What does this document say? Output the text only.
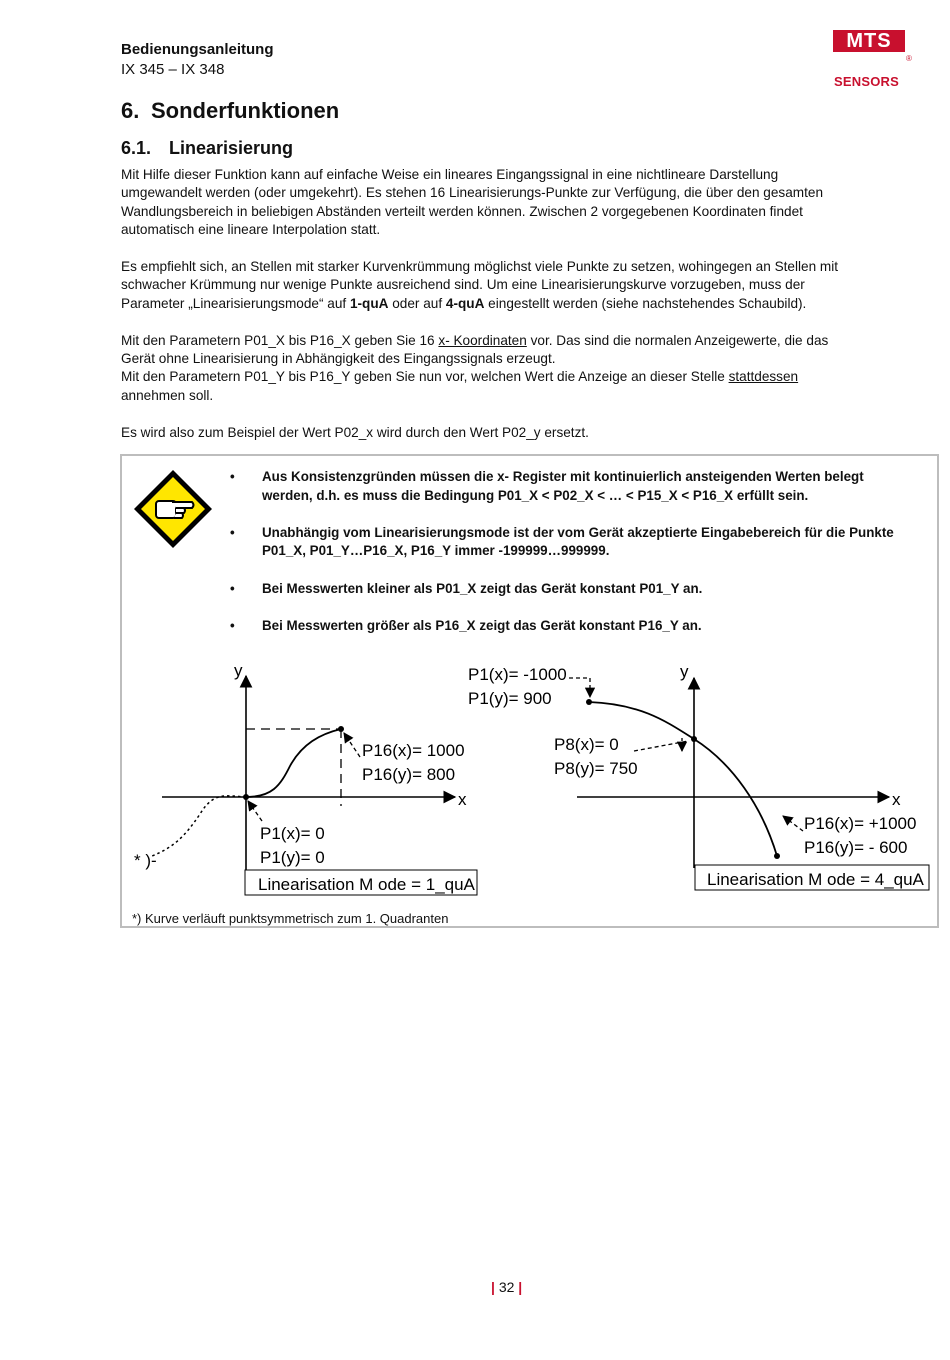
Bedienungsanleitung
IX 345 – IX 348
MTS
®
SENSORS
6. Sonderfunktionen
6.1. Linearisierung

Mit Hilfe dieser Funktion kann auf einfache Weise ein lineares Eingangssignal in eine nichtlineare Darstellung umgewandelt werden (oder umgekehrt). Es stehen 16 Linearisierungs-Punkte zur Verfügung, die über den gesamten Wandlungsbereich in beliebigen Abständen verteilt werden können. Zwischen 2 vorgegebenen Koordinaten findet automatisch eine lineare Interpolation statt.

Es empfiehlt sich, an Stellen mit starker Kurvenkrümmung möglichst viele Punkte zu setzen, wohingegen an Stellen mit schwacher Krümmung nur wenige Punkte ausreichend sind. Um eine Linearisierungskurve vorzugeben, muss der Parameter „Linearisierungsmode“ auf 1-quA oder auf 4-quA eingestellt werden (siehe nachstehendes Schaubild).

Mit den Parametern P01_X bis P16_X geben Sie 16 x- Koordinaten vor. Das sind die normalen Anzeigewerte, die das Gerät ohne Linearisierung in Abhängigkeit des Eingangssignals erzeugt.

Mit den Parametern P01_Y bis P16_Y geben Sie nun vor, welchen Wert die Anzeige an dieser Stelle stattdessen annehmen soll.

Es wird also zum Beispiel der Wert P02_x wird durch den Wert P02_y ersetzt.

• Aus Konsistenzgründen müssen die x- Register mit kontinuierlich ansteigenden Werten belegt werden, d.h. es muss die Bedingung P01_X < P02_X < … < P15_X < P16_X erfüllt sein.
• Unabhängig vom Linearisierungsmode ist der vom Gerät akzeptierte Eingabebereich für die Punkte P01_X, P01_Y…P16_X, P16_Y immer -199999…999999.
• Bei Messwerten kleiner als P01_X zeigt das Gerät konstant P01_Y an.
• Bei Messwerten größer als P16_X zeigt das Gerät konstant P16_Y an.
y
x
P16(x)= 1000
P16(y)= 800
P1(x)= 0
P1(y)= 0
* )-
Linearisation M ode = 1_quA
y
x
P1(x)= -1000
P1(y)= 900
P8(x)= 0
P8(y)= 750
P16(x)= +1000
P16(y)= - 600
Linearisation M ode = 4_quA
*) Kurve verläuft punktsymmetrisch zum 1. Quadranten
| 32 |
